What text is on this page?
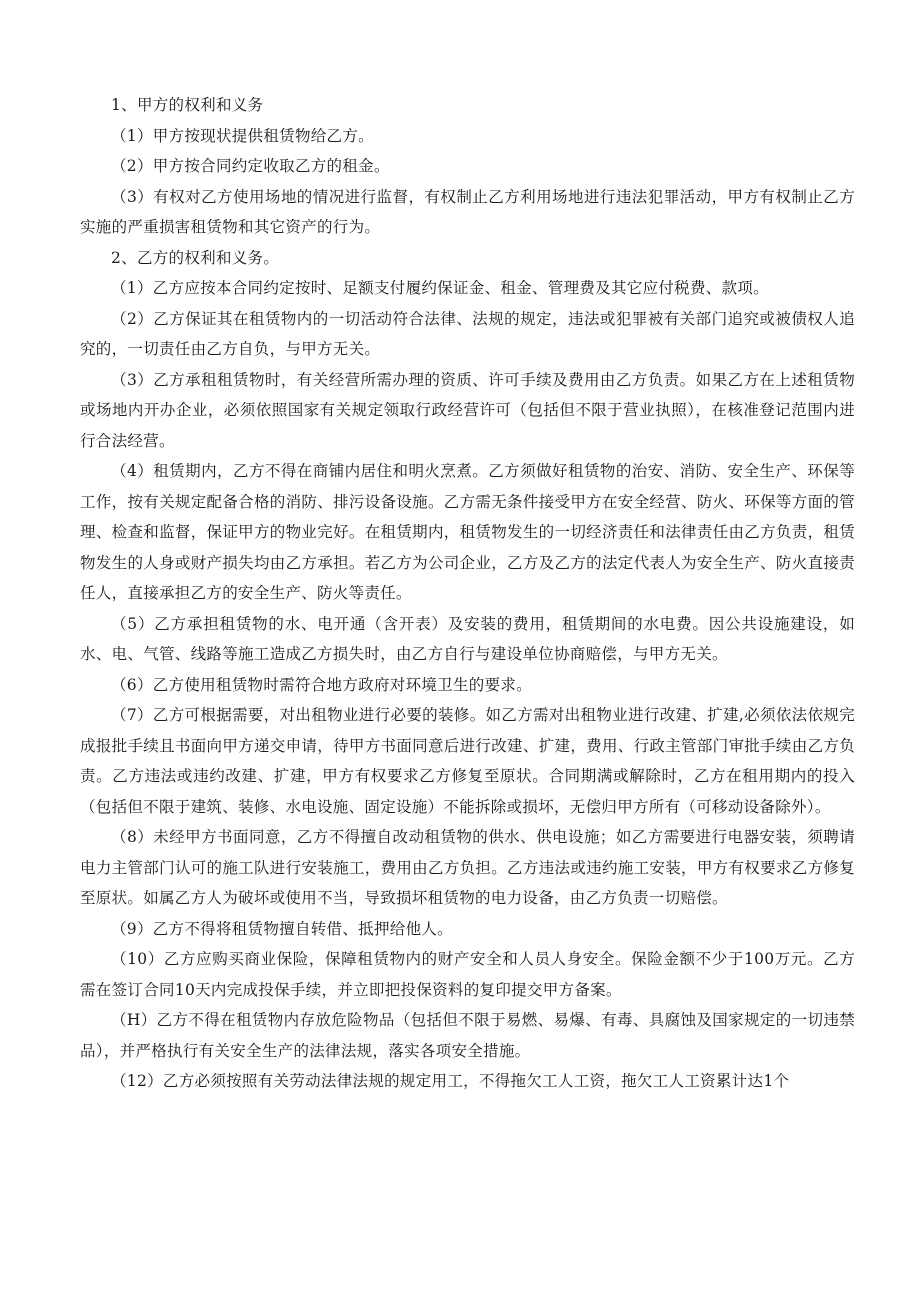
1、甲方的权利和义务

（1）甲方按现状提供租赁物给乙方。

（2）甲方按合同约定收取乙方的租金。

（3）有权对乙方使用场地的情况进行监督，有权制止乙方利用场地进行违法犯罪活动，甲方有权制止乙方实施的严重损害租赁物和其它资产的行为。

2、乙方的权利和义务。

（1）乙方应按本合同约定按时、足额支付履约保证金、租金、管理费及其它应付税费、款项。

（2）乙方保证其在租赁物内的一切活动符合法律、法规的规定，违法或犯罪被有关部门追究或被债权人追究的，一切责任由乙方自负，与甲方无关。

（3）乙方承租租赁物时，有关经营所需办理的资质、许可手续及费用由乙方负责。如果乙方在上述租赁物或场地内开办企业，必须依照国家有关规定领取行政经营许可（包括但不限于营业执照），在核准登记范围内进行合法经营。

（4）租赁期内，乙方不得在商铺内居住和明火烹煮。乙方须做好租赁物的治安、消防、安全生产、环保等工作，按有关规定配备合格的消防、排污设备设施。乙方需无条件接受甲方在安全经营、防火、环保等方面的管理、检查和监督，保证甲方的物业完好。在租赁期内，租赁物发生的一切经济责任和法律责任由乙方负责，租赁物发生的人身或财产损失均由乙方承担。若乙方为公司企业，乙方及乙方的法定代表人为安全生产、防火直接责任人，直接承担乙方的安全生产、防火等责任。

（5）乙方承担租赁物的水、电开通（含开表）及安装的费用，租赁期间的水电费。因公共设施建设，如水、电、气管、线路等施工造成乙方损失时，由乙方自行与建设单位协商赔偿，与甲方无关。

（6）乙方使用租赁物时需符合地方政府对环境卫生的要求。

（7）乙方可根据需要，对出租物业进行必要的装修。如乙方需对出租物业进行改建、扩建,必须依法依规完成报批手续且书面向甲方递交申请，待甲方书面同意后进行改建、扩建，费用、行政主管部门审批手续由乙方负责。乙方违法或违约改建、扩建，甲方有权要求乙方修复至原状。合同期满或解除时，乙方在租用期内的投入（包括但不限于建筑、装修、水电设施、固定设施）不能拆除或损坏，无偿归甲方所有（可移动设备除外）。

（8）未经甲方书面同意，乙方不得擅自改动租赁物的供水、供电设施；如乙方需要进行电器安装，须聘请电力主管部门认可的施工队进行安装施工，费用由乙方负担。乙方违法或违约施工安装，甲方有权要求乙方修复至原状。如属乙方人为破坏或使用不当，导致损坏租赁物的电力设备，由乙方负责一切赔偿。

（9）乙方不得将租赁物擅自转借、抵押给他人。

（10）乙方应购买商业保险，保障租赁物内的财产安全和人员人身安全。保险金额不少于100万元。乙方需在签订合同10天内完成投保手续，并立即把投保资料的复印提交甲方备案。

（H）乙方不得在租赁物内存放危险物品（包括但不限于易燃、易爆、有毒、具腐蚀及国家规定的一切违禁品），并严格执行有关安全生产的法律法规，落实各项安全措施。

（12）乙方必须按照有关劳动法律法规的规定用工，不得拖欠工人工资，拖欠工人工资累计达1个
